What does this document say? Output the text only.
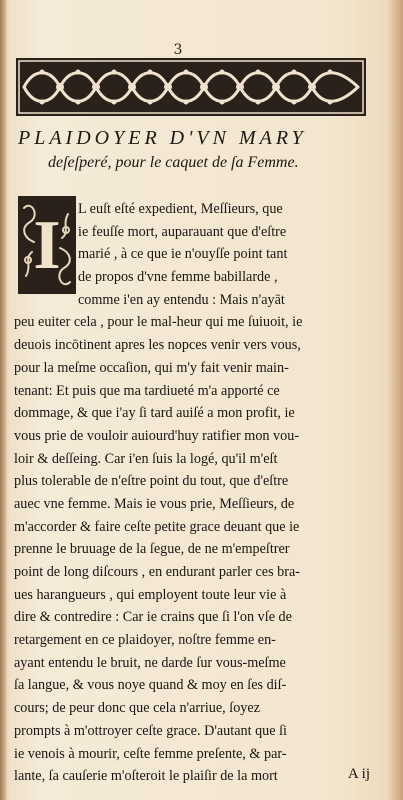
3
PLAIDOYER D'VN MARY
deſeſperé, pour le caquet de ſa Femme.
I	L euſt eſté expedient, Meſſieurs, que
ie feuſſe mort, auparauant que d'eſtre
marié , à ce que ie n'ouyſſe point tant
de propos d'vne femme babillarde ,
comme i'en ay entendu : Mais n'ayāt
peu euiter cela , pour le mal-heur qui me ſuiuoit, ie
deuois incōtinent apres les nopces venir vers vous,
pour la meſme occaſion, qui m'y fait venir main-
tenant: Et puis que ma tardiueté m'a apporté ce
dommage, & que i'ay ſi tard auiſé a mon profit, ie
vous prie de vouloir auiourd'huy ratifier mon vou-
loir & deſſeing. Car i'en ſuis la logé, qu'il m'eſt
plus tolerable de n'eſtre point du tout, que d'eſtre
auec vne femme. Mais ie vous prie, Meſſieurs, de
m'accorder & faire ceſte petite grace deuant que ie
prenne le bruuage de la ſegue, de ne m'empeſtrer
point de long diſcours , en endurant parler ces bra-
ues harangueurs , qui employent toute leur vie à
dire & contredire : Car ie crains que ſi l'on vſe de
retargement en ce plaidoyer, noſtre femme en-
ayant entendu le bruit, ne darde ſur vous-meſme
ſa langue, & vous noye quand & moy en ſes diſ-
cours; de peur donc que cela n'arriue, ſoyez
prompts à m'ottroyer ceſte grace. D'autant que ſi
ie venois à mourir, ceſte femme preſente, & par-
lante, ſa cauſerie m'oſteroit le plaiſir de la mort	A ij
